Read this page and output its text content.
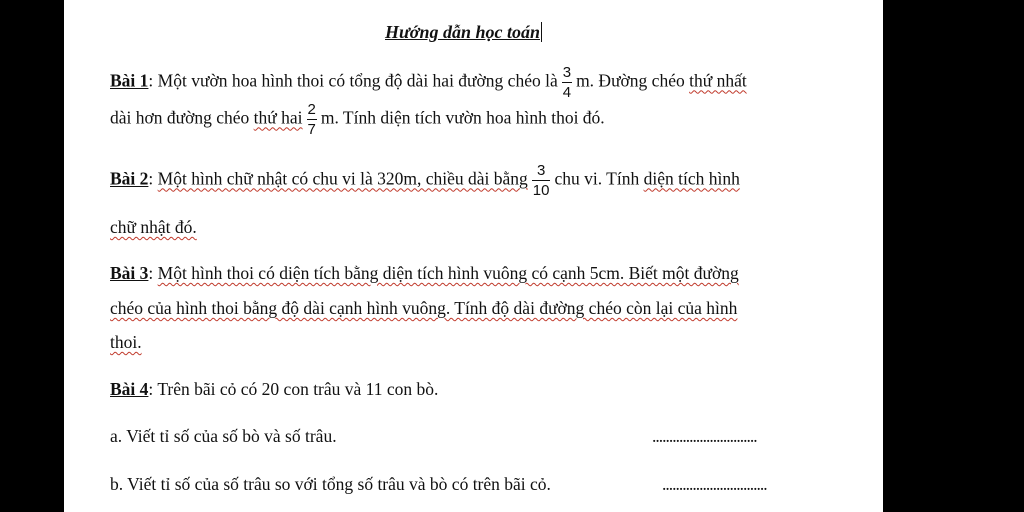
Hướng dẫn học toán
Bài 1: Một vườn hoa hình thoi có tổng độ dài hai đường chéo là $\frac{3}{4} m$. Đường chéo thứ nhất
dài hơn đường chéo thứ hai $\frac{2}{7} m$. Tính diện tích vườn hoa hình thoi đó.
Bài 2: Một hình chữ nhật có chu vi là 320m, chiều dài bằng $\frac{3}{10}$ chu vi. Tính diện tích hình
chữ nhật đó.
Bài 3: Một hình thoi có diện tích bằng diện tích hình vuông có cạnh 5cm. Biết một đường
chéo của hình thoi bằng độ dài cạnh hình vuông. Tính độ dài đường chéo còn lại của hình
thoi.
Bài 4: Trên bãi cỏ có 20 con trâu và 11 con bò.
a. Viết tỉ số của số bò và số trâu.	...............................
b. Viết tỉ số của số trâu so với tổng số trâu và bò có trên bãi cỏ.	...............................
